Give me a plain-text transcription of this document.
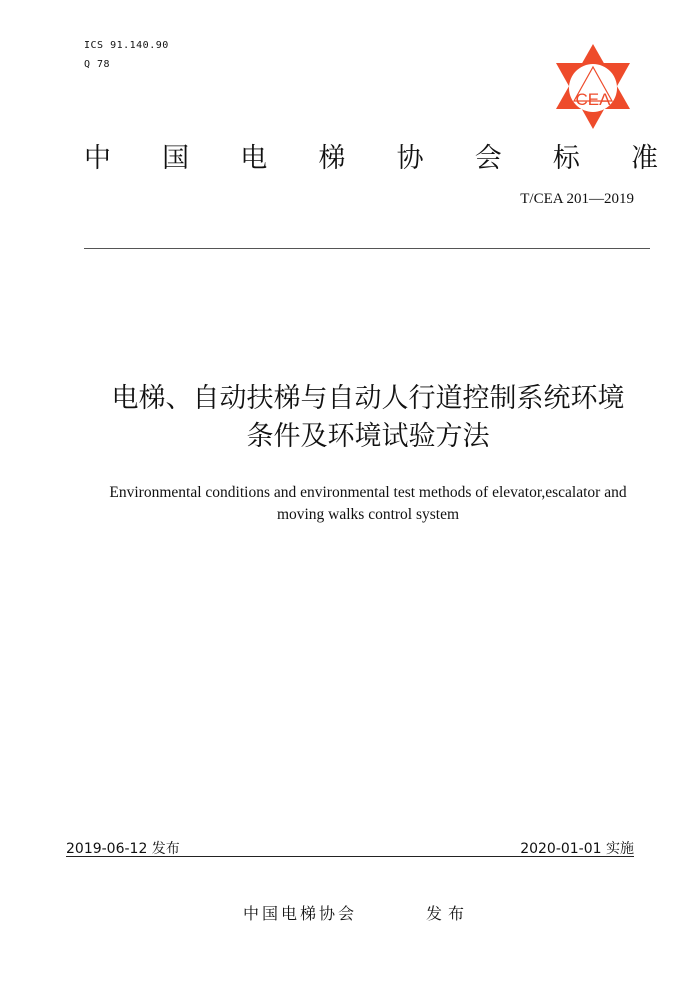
ICS 91.140.90
Q 78
CEA
中 国 电 梯 协 会 标 准
T/CEA 201—2019
电梯、自动扶梯与自动人行道控制系统环境
条件及环境试验方法
Environmental conditions and environmental test methods of elevator,escalator and
moving walks control system
2019-06-12 发布	2020-01-01 实施
中国电梯协会	发布
